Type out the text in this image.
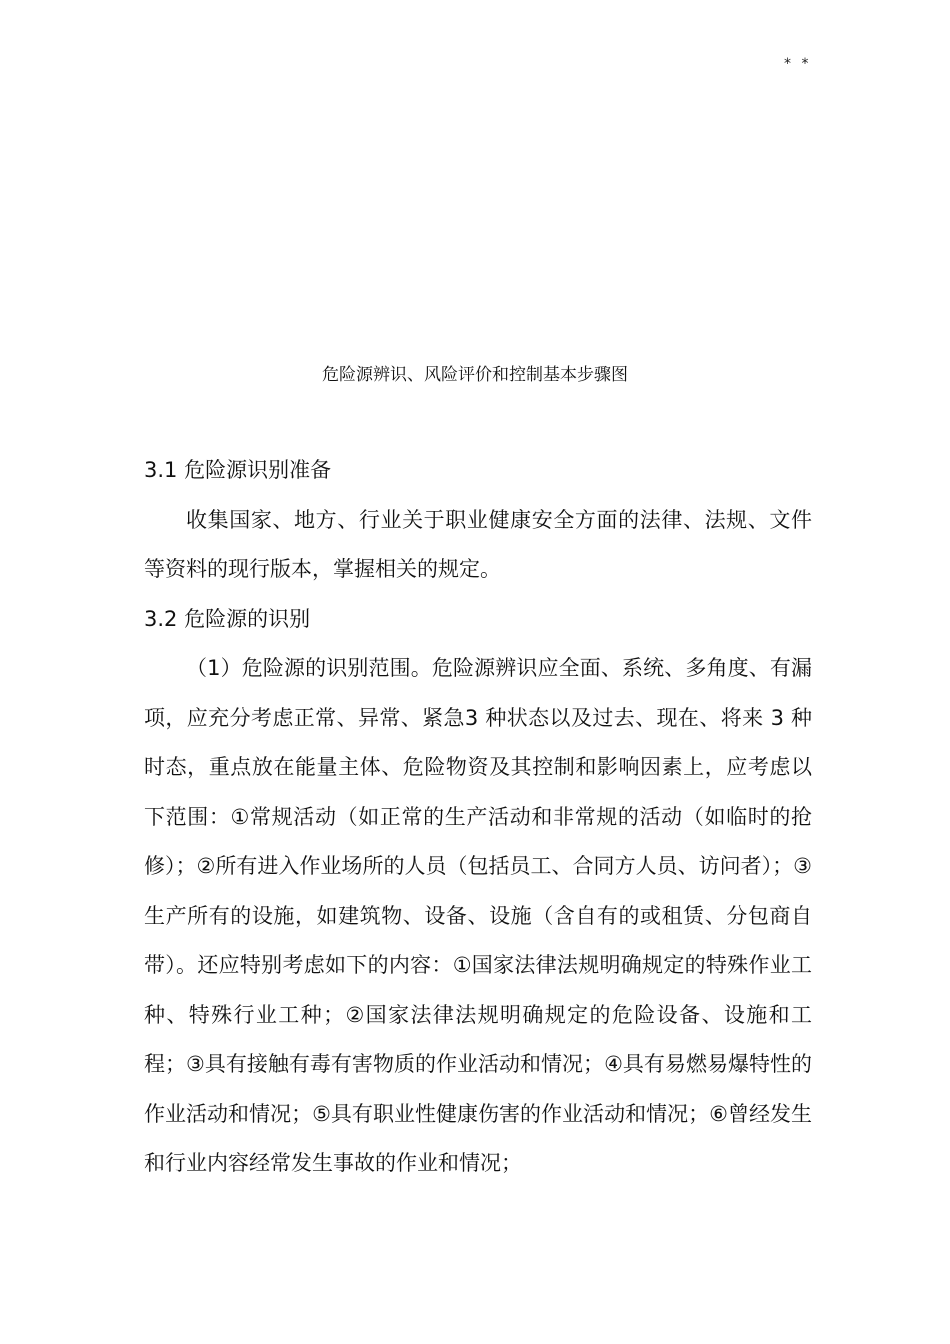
* *
危险源辨识、风险评价和控制基本步骤图
3.1 危险源识别准备

收集国家、地方、行业关于职业健康安全方面的法律、法规、文件等资料的现行版本，掌握相关的规定。

3.2 危险源的识别

（1）危险源的识别范围。危险源辨识应全面、系统、多角度、有漏项，应充分考虑正常、异常、紧急3 种状态以及过去、现在、将来 3 种时态，重点放在能量主体、危险物资及其控制和影响因素上，应考虑以下范围：①常规活动（如正常的生产活动和非常规的活动（如临时的抢修）；②所有进入作业场所的人员（包括员工、合同方人员、访问者）；③生产所有的设施，如建筑物、设备、设施（含自有的或租赁、分包商自带）。还应特别考虑如下的内容：①国家法律法规明确规定的特殊作业工种、特殊行业工种；②国家法律法规明确规定的危险设备、设施和工程；③具有接触有毒有害物质的作业活动和情况；④具有易燃易爆特性的作业活动和情况；⑤具有职业性健康伤害的作业活动和情况；⑥曾经发生和行业内容经常发生事故的作业和情况；
